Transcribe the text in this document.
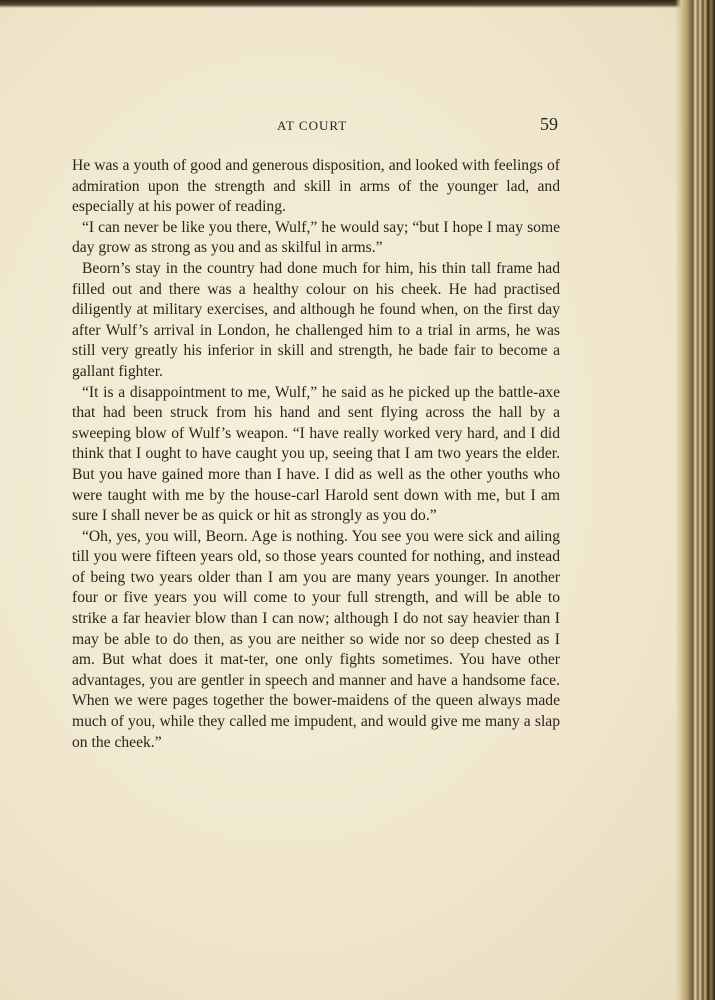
AT COURT	59

He was a youth of good and generous disposition, and looked with feelings of admiration upon the strength and skill in arms of the younger lad, and especially at his power of reading.

“I can never be like you there, Wulf,” he would say; “but I hope I may some day grow as strong as you and as skilful in arms.”

Beorn’s stay in the country had done much for him, his thin tall frame had filled out and there was a healthy colour on his cheek. He had practised diligently at military exercises, and although he found when, on the first day after Wulf’s arrival in London, he challenged him to a trial in arms, he was still very greatly his inferior in skill and strength, he bade fair to become a gallant fighter.

“It is a disappointment to me, Wulf,” he said as he picked up the battle-axe that had been struck from his hand and sent flying across the hall by a sweeping blow of Wulf’s weapon. “I have really worked very hard, and I did think that I ought to have caught you up, seeing that I am two years the elder. But you have gained more than I have. I did as well as the other youths who were taught with me by the house-carl Harold sent down with me, but I am sure I shall never be as quick or hit as strongly as you do.”

“Oh, yes, you will, Beorn. Age is nothing. You see you were sick and ailing till you were fifteen years old, so those years counted for nothing, and instead of being two years older than I am you are many years younger. In another four or five years you will come to your full strength, and will be able to strike a far heavier blow than I can now; although I do not say heavier than I may be able to do then, as you are neither so wide nor so deep chested as I am. But what does it mat-ter, one only fights sometimes. You have other advantages, you are gentler in speech and manner and have a handsome face. When we were pages together the bower-maidens of the queen always made much of you, while they called me impudent, and would give me many a slap on the cheek.”
